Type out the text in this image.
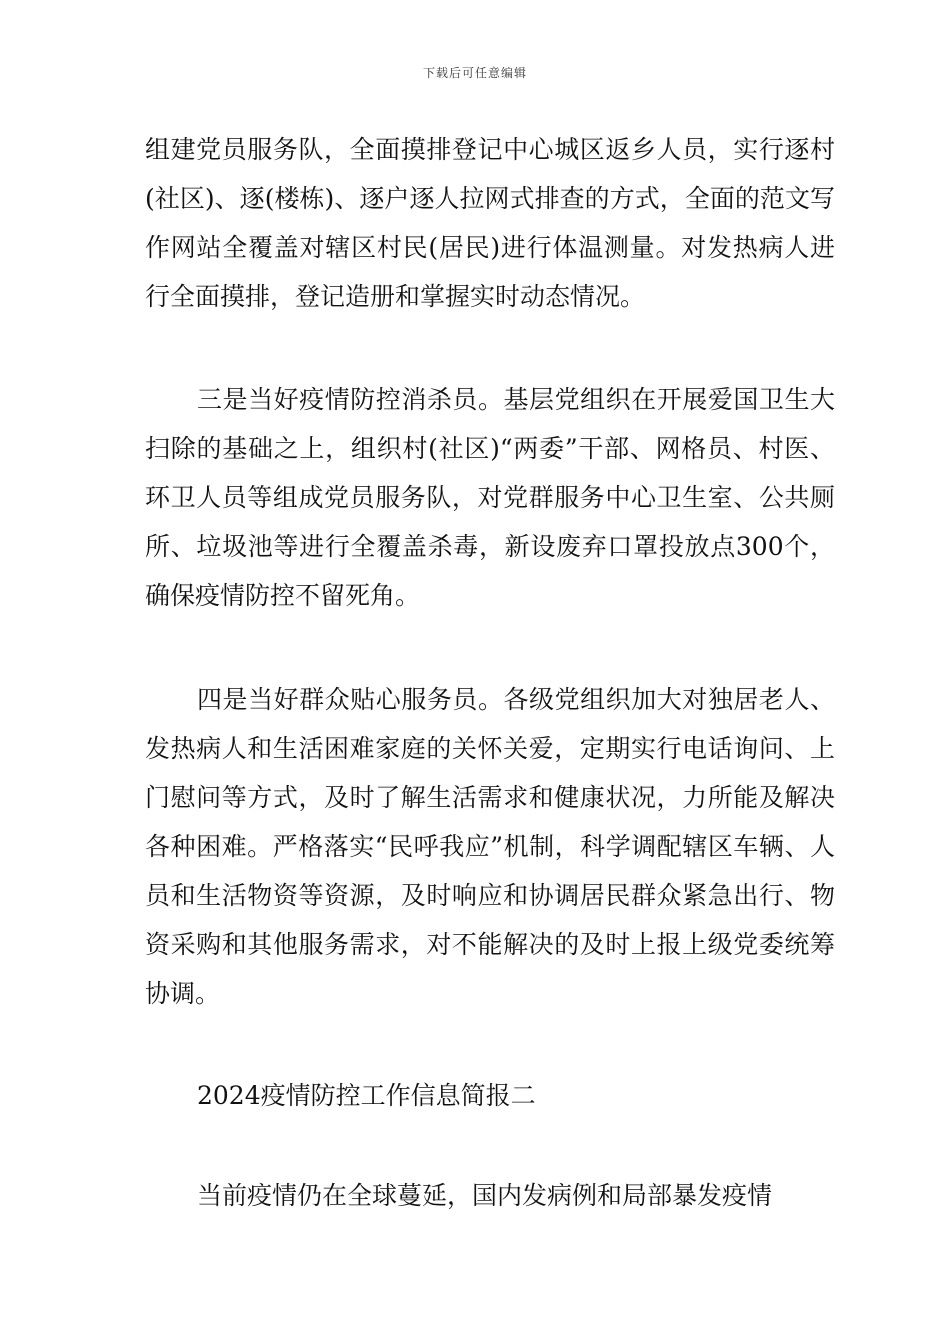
下载后可任意编辑

组建党员服务队，全面摸排登记中心城区返乡人员，实行逐村(社区)、逐(楼栋)、逐户逐人拉网式排查的方式，全面的范文写作网站全覆盖对辖区村民(居民)进行体温测量。对发热病人进行全面摸排，登记造册和掌握实时动态情况。

三是当好疫情防控消杀员。基层党组织在开展爱国卫生大扫除的基础之上，组织村(社区)“两委”干部、网格员、村医、环卫人员等组成党员服务队，对党群服务中心卫生室、公共厕所、垃圾池等进行全覆盖杀毒，新设废弃口罩投放点300个，确保疫情防控不留死角。

四是当好群众贴心服务员。各级党组织加大对独居老人、发热病人和生活困难家庭的关怀关爱，定期实行电话询问、上门慰问等方式，及时了解生活需求和健康状况，力所能及解决各种困难。严格落实“民呼我应”机制，科学调配辖区车辆、人员和生活物资等资源，及时响应和协调居民群众紧急出行、物资采购和其他服务需求，对不能解决的及时上报上级党委统筹协调。

2024疫情防控工作信息简报二

当前疫情仍在全球蔓延，国内发病例和局部暴发疫情
